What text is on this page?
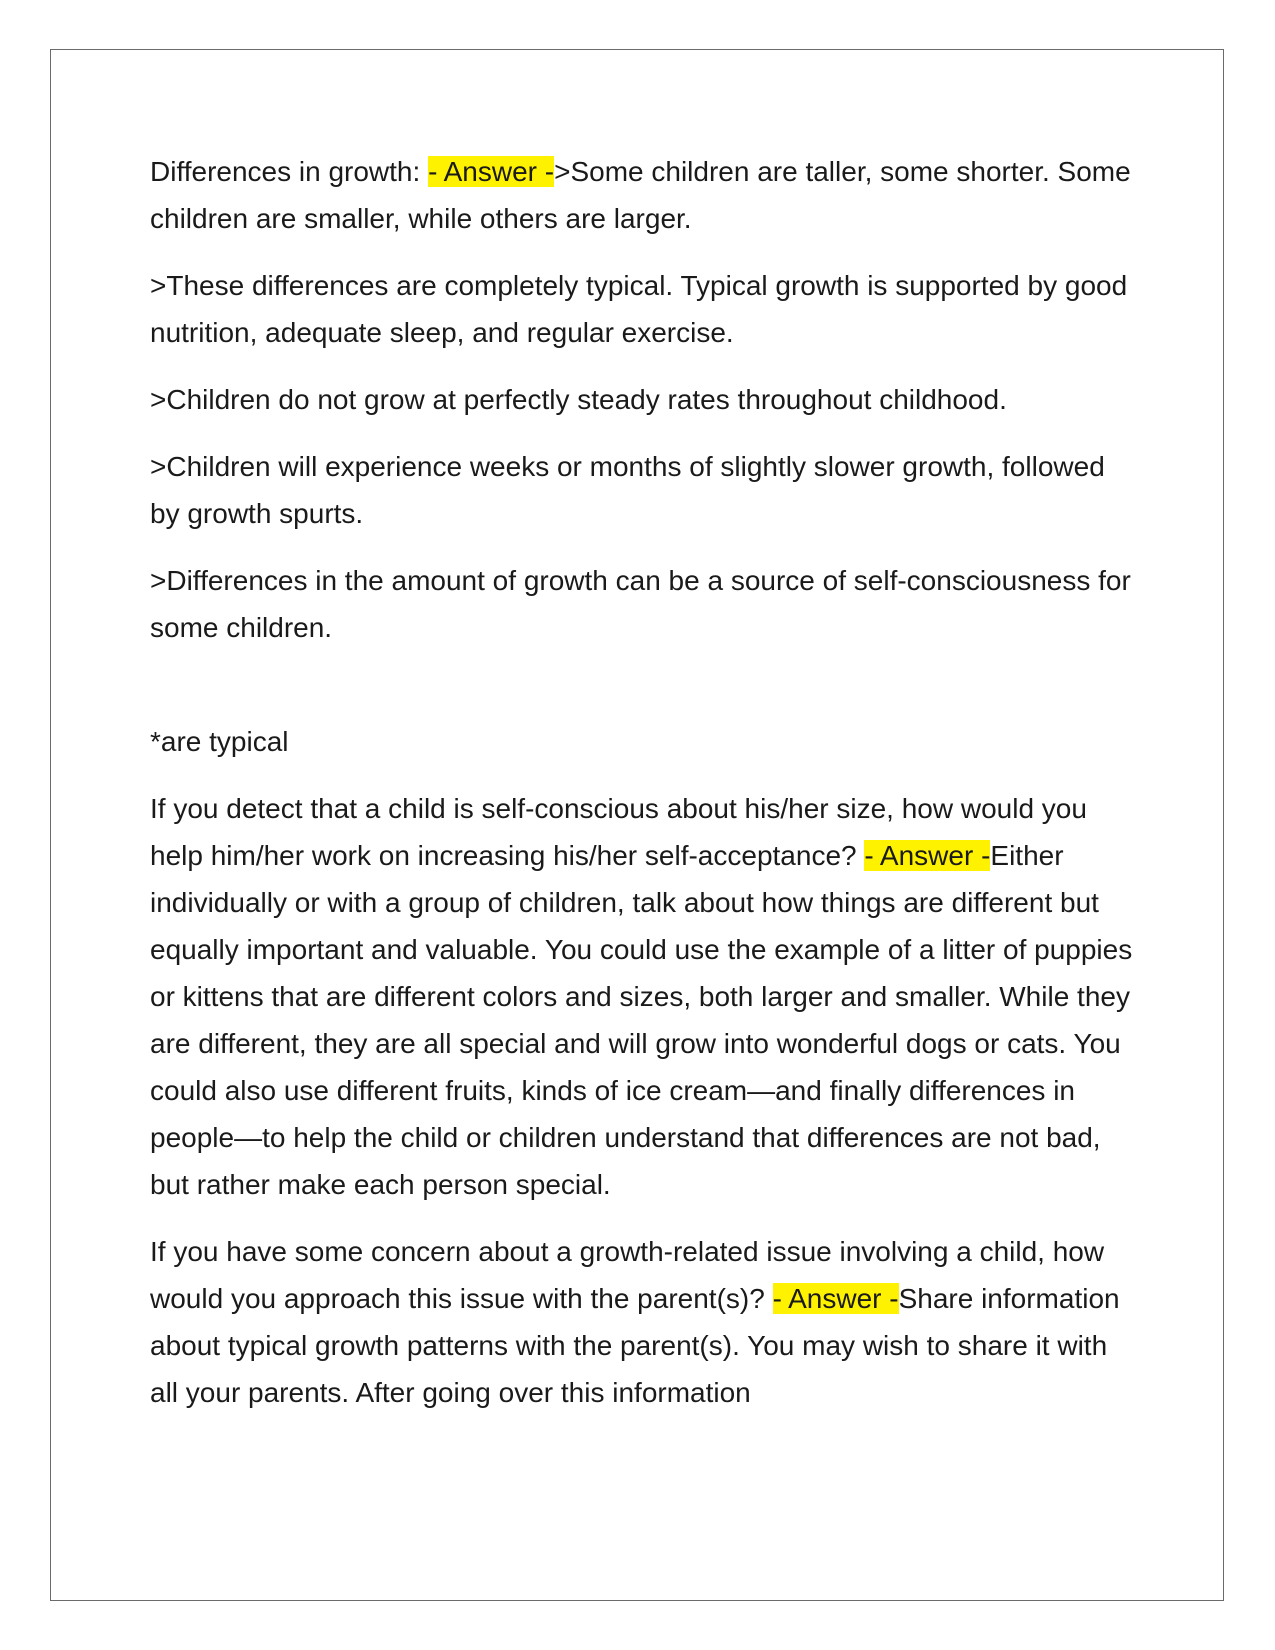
Differences in growth: - Answer ->Some children are taller, some shorter. Some children are smaller, while others are larger.

>These differences are completely typical. Typical growth is supported by good nutrition, adequate sleep, and regular exercise.

>Children do not grow at perfectly steady rates throughout childhood.

>Children will experience weeks or months of slightly slower growth, followed by growth spurts.

>Differences in the amount of growth can be a source of self-consciousness for some children.

*are typical

If you detect that a child is self-conscious about his/her size, how would you help him/her work on increasing his/her self-acceptance? - Answer -Either individually or with a group of children, talk about how things are different but equally important and valuable. You could use the example of a litter of puppies or kittens that are different colors and sizes, both larger and smaller. While they are different, they are all special and will grow into wonderful dogs or cats. You could also use different fruits, kinds of ice cream—and finally differences in people—to help the child or children understand that differences are not bad, but rather make each person special.

If you have some concern about a growth-related issue involving a child, how would you approach this issue with the parent(s)? - Answer -Share information about typical growth patterns with the parent(s). You may wish to share it with all your parents. After going over this information
